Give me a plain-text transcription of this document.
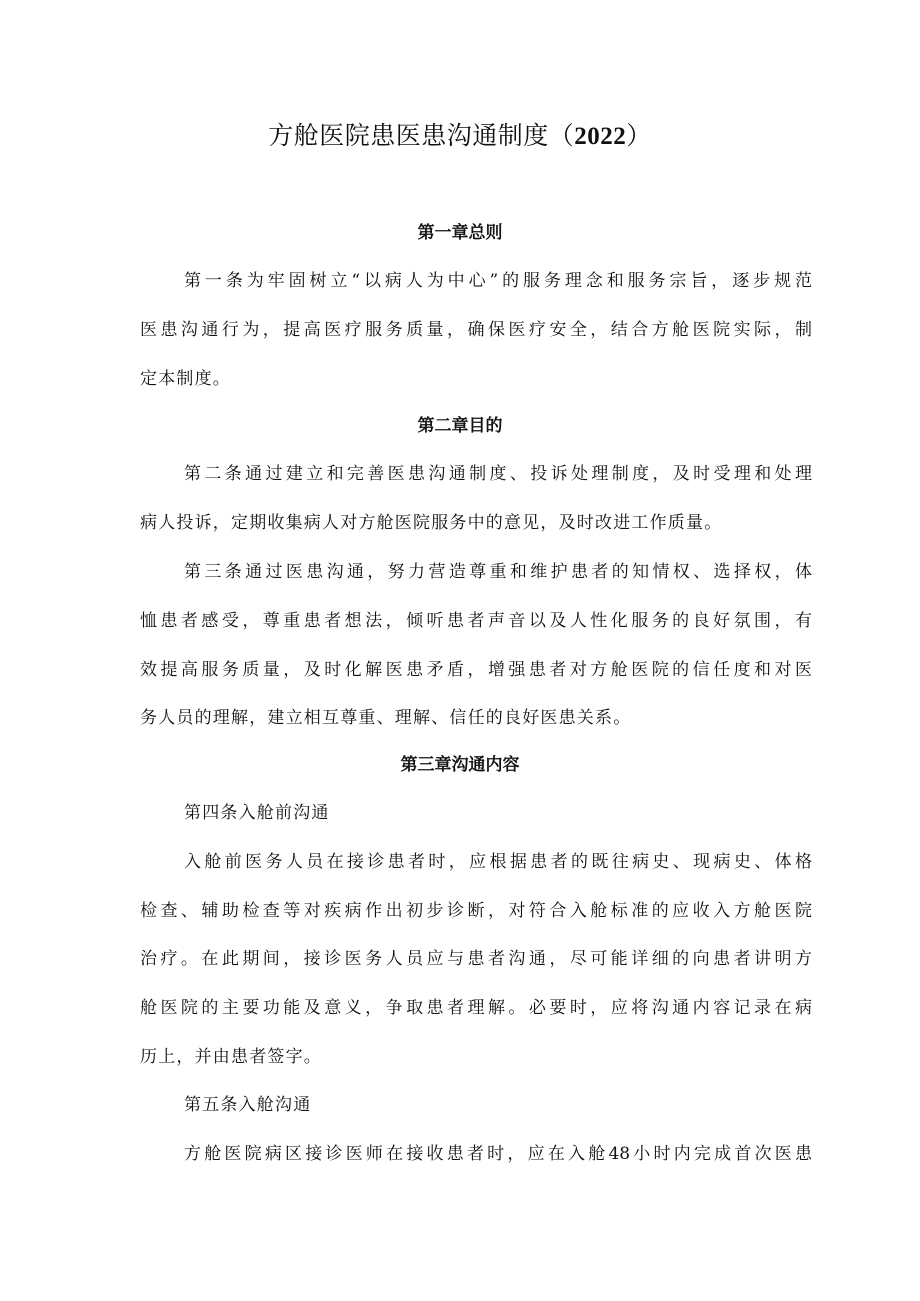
方舱医院患医患沟通制度（2022）
第一章总则
第一条为牢固树立“以病人为中心”的服务理念和服务宗旨，逐步规范
医患沟通行为，提高医疗服务质量，确保医疗安全，结合方舱医院实际，制
定本制度。
第二章目的
第二条通过建立和完善医患沟通制度、投诉处理制度，及时受理和处理
病人投诉，定期收集病人对方舱医院服务中的意见，及时改进工作质量。
第三条通过医患沟通，努力营造尊重和维护患者的知情权、选择权，体
恤患者感受，尊重患者想法，倾听患者声音以及人性化服务的良好氛围，有
效提高服务质量，及时化解医患矛盾，增强患者对方舱医院的信任度和对医
务人员的理解，建立相互尊重、理解、信任的良好医患关系。
第三章沟通内容
第四条入舱前沟通
入舱前医务人员在接诊患者时，应根据患者的既往病史、现病史、体格
检查、辅助检查等对疾病作出初步诊断，对符合入舱标准的应收入方舱医院
治疗。在此期间，接诊医务人员应与患者沟通，尽可能详细的向患者讲明方
舱医院的主要功能及意义，争取患者理解。必要时，应将沟通内容记录在病
历上，并由患者签字。
第五条入舱沟通
方舱医院病区接诊医师在接收患者时，应在入舱48小时内完成首次医患
